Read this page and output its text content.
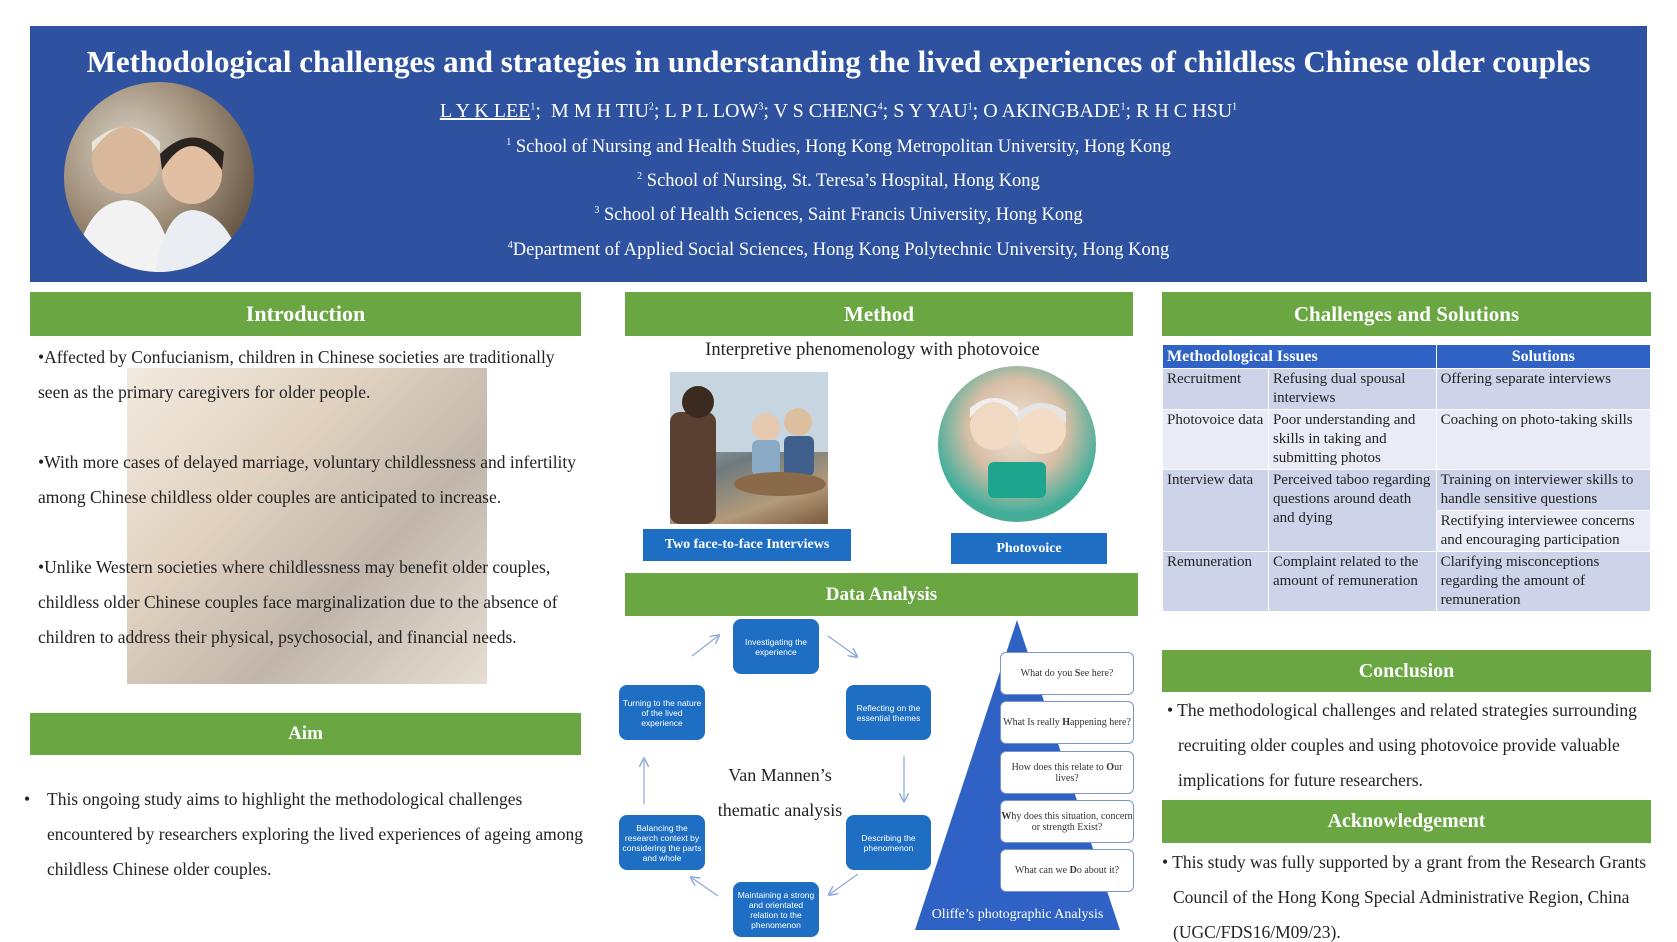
Methodological challenges and strategies in understanding the lived experiences of childless Chinese older couples
L Y K LEE$^1$;  M M H TIU$^2$; L P L LOW$^3$; V S CHENG$^4$; S Y YAU$^1$; O AKINGBADE$^1$; R H C HSU$^1$
$^1$ School of Nursing and Health Studies, Hong Kong Metropolitan University, Hong Kong
$^2$ School of Nursing, St. Teresa’s Hospital, Hong Kong
$^3$ School of Health Sciences, Saint Francis University, Hong Kong
$^4$Department of Applied Social Sciences, Hong Kong Polytechnic University, Hong Kong
Introduction

•Affected by Confucianism, children in Chinese societies are traditionally seen as the primary caregivers for older people.

•With more cases of delayed marriage, voluntary childlessness and infertility among Chinese childless older couples are anticipated to increase.

•Unlike Western societies where childlessness may benefit older couples, childless older Chinese couples face marginalization due to the absence of children to address their physical, psychosocial, and financial needs.

Aim
• This ongoing study aims to highlight the methodological challenges encountered by researchers exploring the lived experiences of ageing among childless Chinese older couples.
Method
Interpretive phenomenology with photovoice
Two face-to-face Interviews	Photovoice
Data Analysis
Investigating the experience
Reflecting on the essential themes
Describing the phenomenon
Maintaining a strong and orientated relation to the phenomenon
Balancing the research context by considering the parts and whole
Turning to the nature of the lived experience
Van Mannen’s
thematic analysis
What do you See here?
What Is really Happening here?
How does this relate to Our lives?
Why does this situation, concern or strength Exist?
What can we Do about it?
Oliffe’s photographic Analysis
Challenges and Solutions
Methodological Issues		Solutions
Recruitment	Refusing dual spousal interviews	Offering separate interviews
Photovoice data	Poor understanding and skills in taking and submitting photos	Coaching on photo-taking skills
Interview data	Perceived taboo regarding questions around death and dying	Training on interviewer skills to handle sensitive questions
		Rectifying interviewee concerns and encouraging participation
Remuneration	Complaint related to the amount of remuneration	Clarifying misconceptions regarding the amount of remuneration
Conclusion
• The methodological challenges and related strategies surrounding recruiting older couples and using photovoice provide valuable implications for future researchers.
Acknowledgement
• This study was fully supported by a grant from the Research Grants Council of the Hong Kong Special Administrative Region, China (UGC/FDS16/M09/23).
